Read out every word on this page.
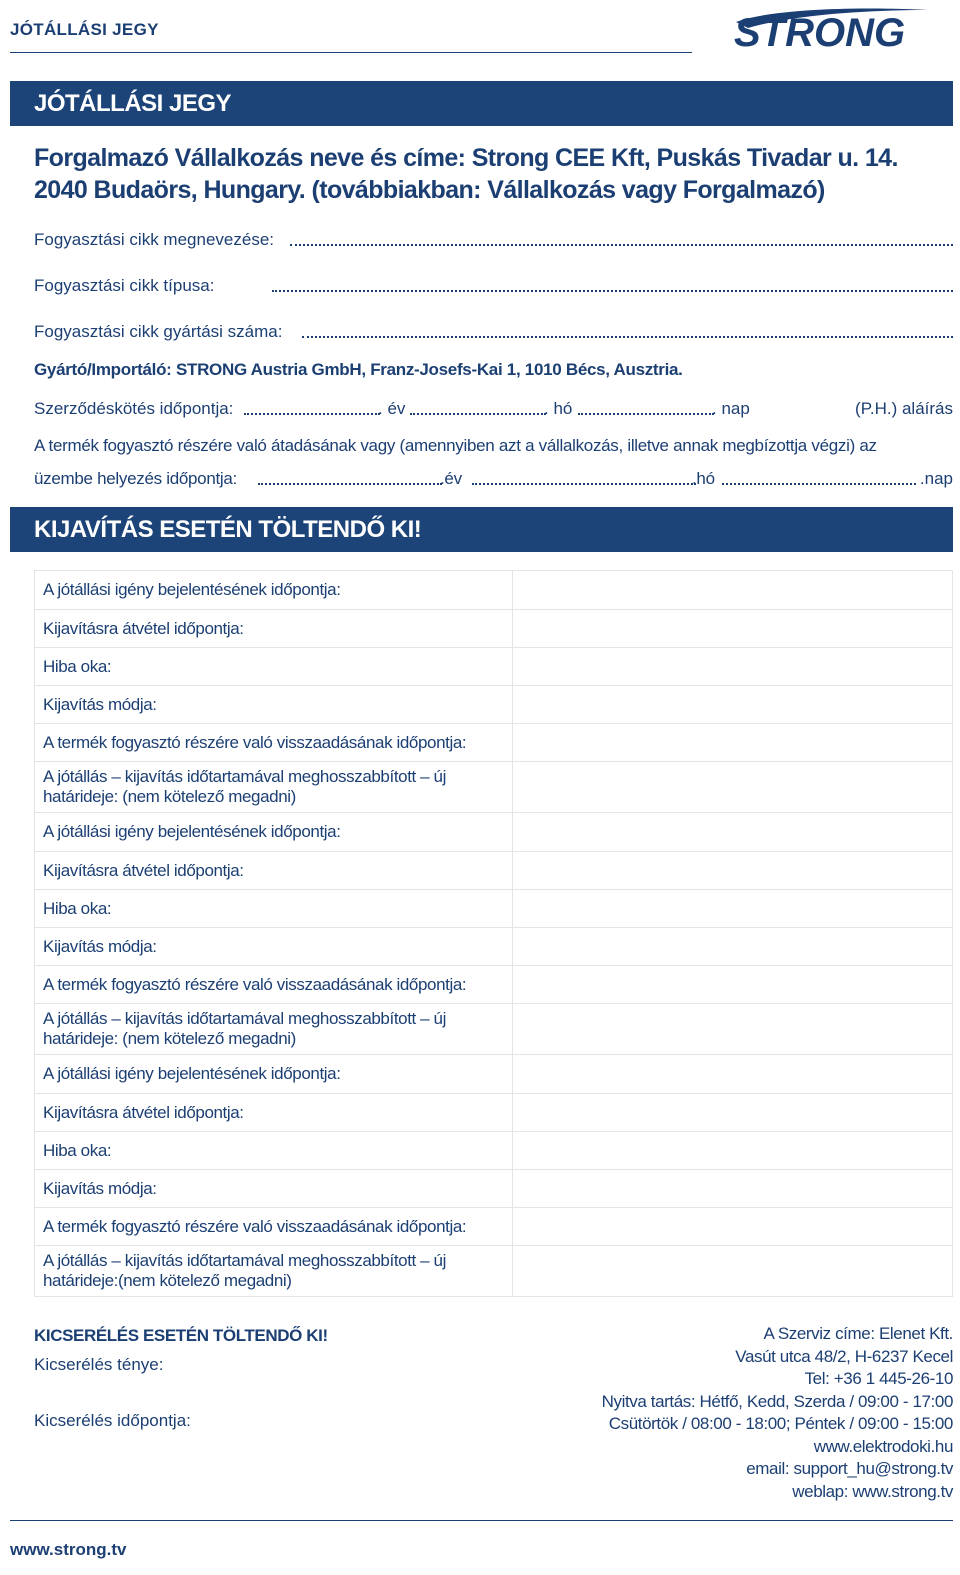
JÓTÁLLÁSI JEGY	STRONG
JÓTÁLLÁSI JEGY
Forgalmazó Vállalkozás neve és címe: Strong CEE Kft, Puskás Tivadar u. 14. 2040 Budaörs, Hungary. (továbbiakban: Vállalkozás vagy Forgalmazó)
Fogyasztási cikk megnevezése:
Fogyasztási cikk típusa:
Fogyasztási cikk gyártási száma:
Gyártó/Importáló: STRONG Austria GmbH, Franz-Josefs-Kai 1, 1010 Bécs, Ausztria.
Szerződéskötés időpontja:	. év	. hó	. nap	(P.H.) aláírás
A termék fogyasztó részére való átadásának vagy (amennyiben azt a vállalkozás, illetve annak megbízottja végzi) az
üzembe helyezés időpontja:	.év	.hó	.nap
KIJAVÍTÁS ESETÉN TÖLTENDŐ KI!
A jótállási igény bejelentésének időpontja:	
Kijavításra átvétel időpontja:	
Hiba oka:	
Kijavítás módja:	
A termék fogyasztó részére való visszaadásának időpontja:	
A jótállás – kijavítás időtartamával meghosszabbított – új
határideje: (nem kötelező megadni)	
A jótállási igény bejelentésének időpontja:	
Kijavításra átvétel időpontja:	
Hiba oka:	
Kijavítás módja:	
A termék fogyasztó részére való visszaadásának időpontja:	
A jótállás – kijavítás időtartamával meghosszabbított – új
határideje: (nem kötelező megadni)	
A jótállási igény bejelentésének időpontja:	
Kijavításra átvétel időpontja:	
Hiba oka:	
Kijavítás módja:	
A termék fogyasztó részére való visszaadásának időpontja:	
A jótállás – kijavítás időtartamával meghosszabbított – új
határideje:(nem kötelező megadni)	
KICSERÉLÉS ESETÉN TÖLTENDŐ KI!
Kicserélés ténye:
Kicserélés időpontja:
A Szerviz címe: Elenet Kft.
Vasút utca 48/2, H-6237 Kecel
Tel: +36 1 445-26-10
Nyitva tartás: Hétfő, Kedd, Szerda / 09:00 - 17:00
Csütörtök / 08:00 - 18:00; Péntek / 09:00 - 15:00
www.elektrodoki.hu
email: support_hu@strong.tv
weblap: www.strong.tv
www.strong.tv
